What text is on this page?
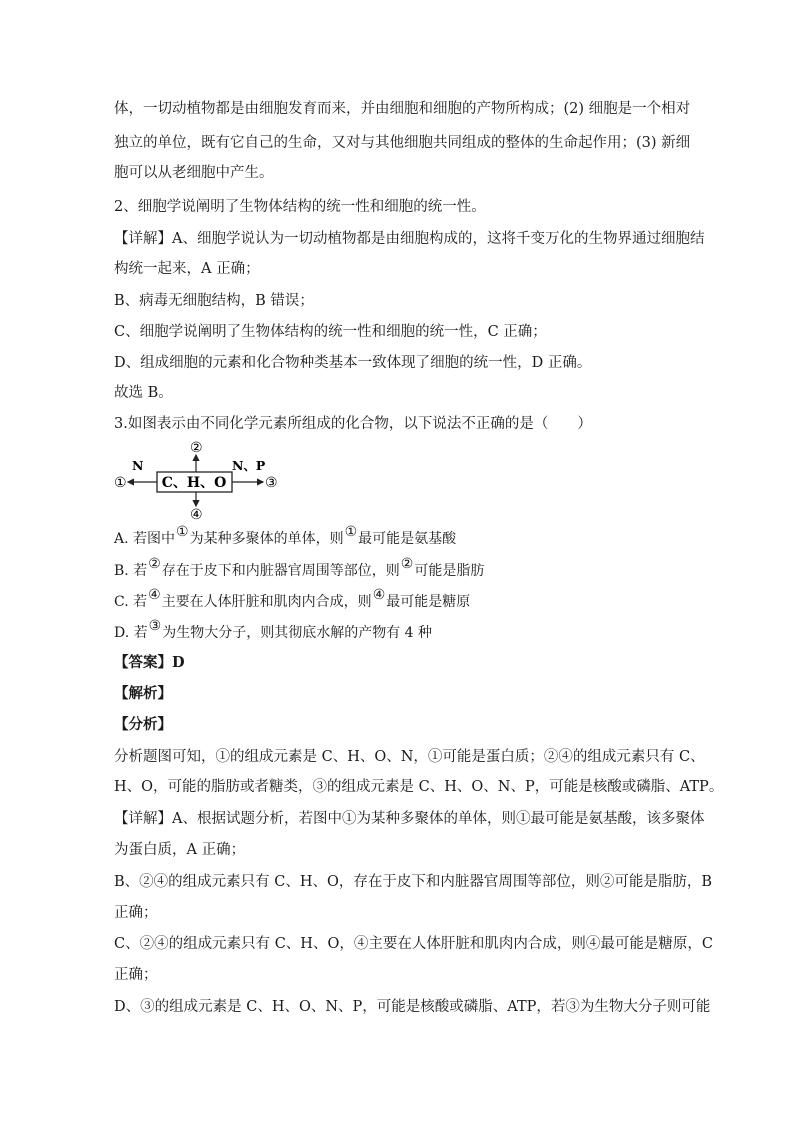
体，一切动植物都是由细胞发育而来，并由细胞和细胞的产物所构成；(2) 细胞是一个相对
独立的单位，既有它自己的生命，又对与其他细胞共同组成的整体的生命起作用；(3) 新细
胞可以从老细胞中产生。
2、细胞学说阐明了生物体结构的统一性和细胞的统一性。
【详解】A、细胞学说认为一切动植物都是由细胞构成的，这将千变万化的生物界通过细胞结
构统一起来，A 正确；
B、病毒无细胞结构，B 错误；
C、细胞学说阐明了生物体结构的统一性和细胞的统一性，C 正确；
D、组成细胞的元素和化合物种类基本一致体现了细胞的统一性，D 正确。
故选 B。
3.如图表示由不同化学元素所组成的化合物，以下说法不正确的是（　　）
C、H、O
N	N、P
①
②
③
④
A. 若图中①为某种多聚体的单体，则①最可能是氨基酸
B. 若②存在于皮下和内脏器官周围等部位，则②可能是脂肪
C. 若④主要在人体肝脏和肌肉内合成，则④最可能是糖原
D. 若③为生物大分子，则其彻底水解的产物有 4 种
【答案】D
【解析】
【分析】
分析题图可知，①的组成元素是 C、H、O、N，①可能是蛋白质；②④的组成元素只有 C、
H、O，可能的脂肪或者糖类，③的组成元素是 C、H、O、N、P，可能是核酸或磷脂、ATP。
【详解】A、根据试题分析，若图中①为某种多聚体的单体，则①最可能是氨基酸，该多聚体
为蛋白质，A 正确；
B、②④的组成元素只有 C、H、O，存在于皮下和内脏器官周围等部位，则②可能是脂肪，B
正确；
C、②④的组成元素只有 C、H、O，④主要在人体肝脏和肌肉内合成，则④最可能是糖原，C
正确；
D、③的组成元素是 C、H、O、N、P，可能是核酸或磷脂、ATP，若③为生物大分子则可能
